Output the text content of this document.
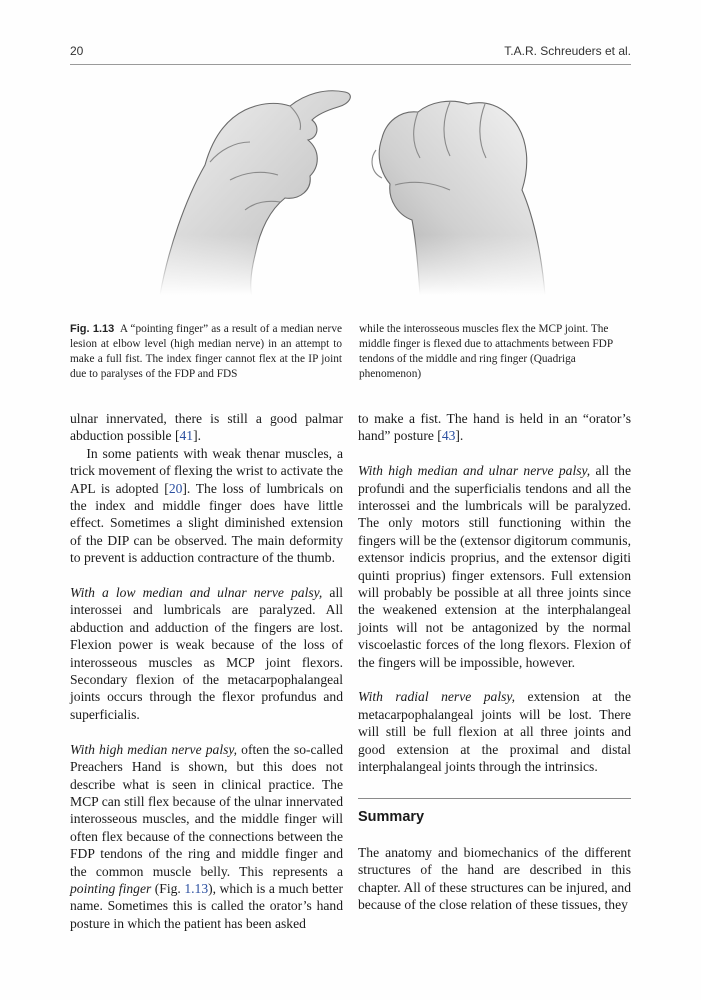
20	T.A.R. Schreuders et al.
Fig. 1.13 A “pointing finger” as a result of a median nerve lesion at elbow level (high median nerve) in an attempt to make a full fist. The index finger cannot flex at the IP joint due to paralyses of the FDP and FDS
while the interosseous muscles flex the MCP joint. The middle finger is flexed due to attachments between FDP tendons of the middle and ring finger (Quadriga phenomenon)

ulnar innervated, there is still a good palmar abduction possible [41].

In some patients with weak thenar muscles, a trick movement of flexing the wrist to activate the APL is adopted [20]. The loss of lumbricals on the index and middle finger does have little effect. Sometimes a slight diminished extension of the DIP can be observed. The main deformity to prevent is adduction contracture of the thumb.

With a low median and ulnar nerve palsy, all interossei and lumbricals are paralyzed. All abduction and adduction of the fingers are lost. Flexion power is weak because of the loss of interosseous muscles as MCP joint flexors. Secondary flexion of the metacarpophalangeal joints occurs through the flexor profundus and superficialis.

With high median nerve palsy, often the so-called Preachers Hand is shown, but this does not describe what is seen in clinical practice. The MCP can still flex because of the ulnar innervated interosseous muscles, and the middle finger will often flex because of the connections between the FDP tendons of the ring and middle finger and the common muscle belly. This represents a pointing finger (Fig. 1.13), which is a much better name. Sometimes this is called the orator’s hand posture in which the patient has been asked

to make a fist. The hand is held in an “orator’s hand” posture [43].

With high median and ulnar nerve palsy, all the profundi and the superficialis tendons and all the interossei and the lumbricals will be paralyzed. The only motors still functioning within the fingers will be the (extensor digitorum communis, extensor indicis proprius, and the extensor digiti quinti proprius) finger extensors. Full extension will probably be possible at all three joints since the weakened extension at the interphalangeal joints will not be antagonized by the normal viscoelastic forces of the long flexors. Flexion of the fingers will be impossible, however.

With radial nerve palsy, extension at the metacarpophalangeal joints will be lost. There will still be full flexion at all three joints and good extension at the proximal and distal interphalangeal joints through the intrinsics.

Summary

The anatomy and biomechanics of the different structures of the hand are described in this chapter. All of these structures can be injured, and because of the close relation of these tissues, they
